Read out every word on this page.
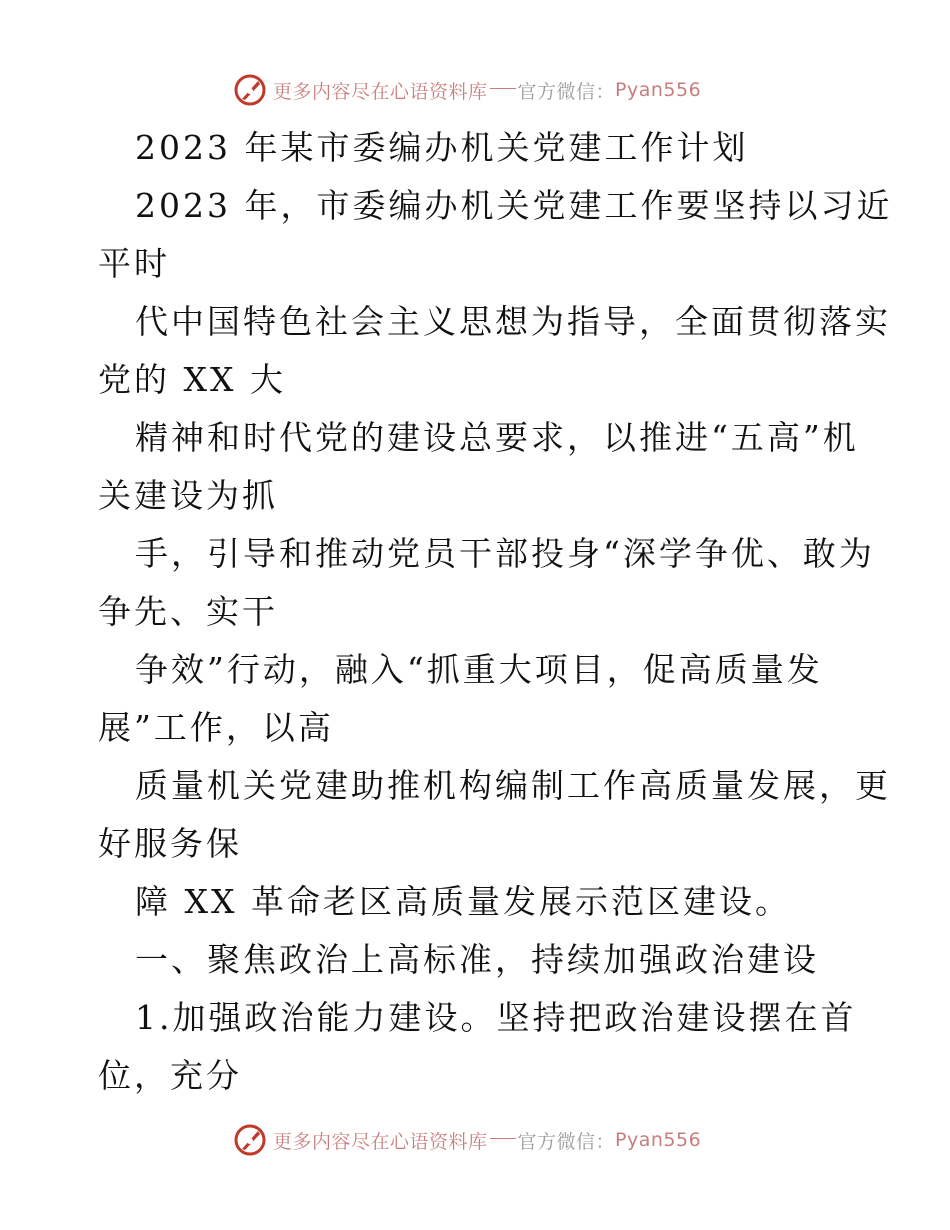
更多内容尽在心语资料库 官方微信： Pyan556
2023 年某市委编办机关党建工作计划
2023 年，市委编办机关党建工作要坚持以习近
平时
代中国特色社会主义思想为指导，全面贯彻落实
党的 XX 大
精神和时代党的建设总要求，以推进“五高”机
关建设为抓
手，引导和推动党员干部投身“深学争优、敢为
争先、实干
争效”行动，融入“抓重大项目，促高质量发
展”工作，以高
质量机关党建助推机构编制工作高质量发展，更
好服务保
障 XX 革命老区高质量发展示范区建设。
一、聚焦政治上高标准，持续加强政治建设
1.加强政治能力建设。坚持把政治建设摆在首
位，充分
更多内容尽在心语资料库 官方微信： Pyan556
